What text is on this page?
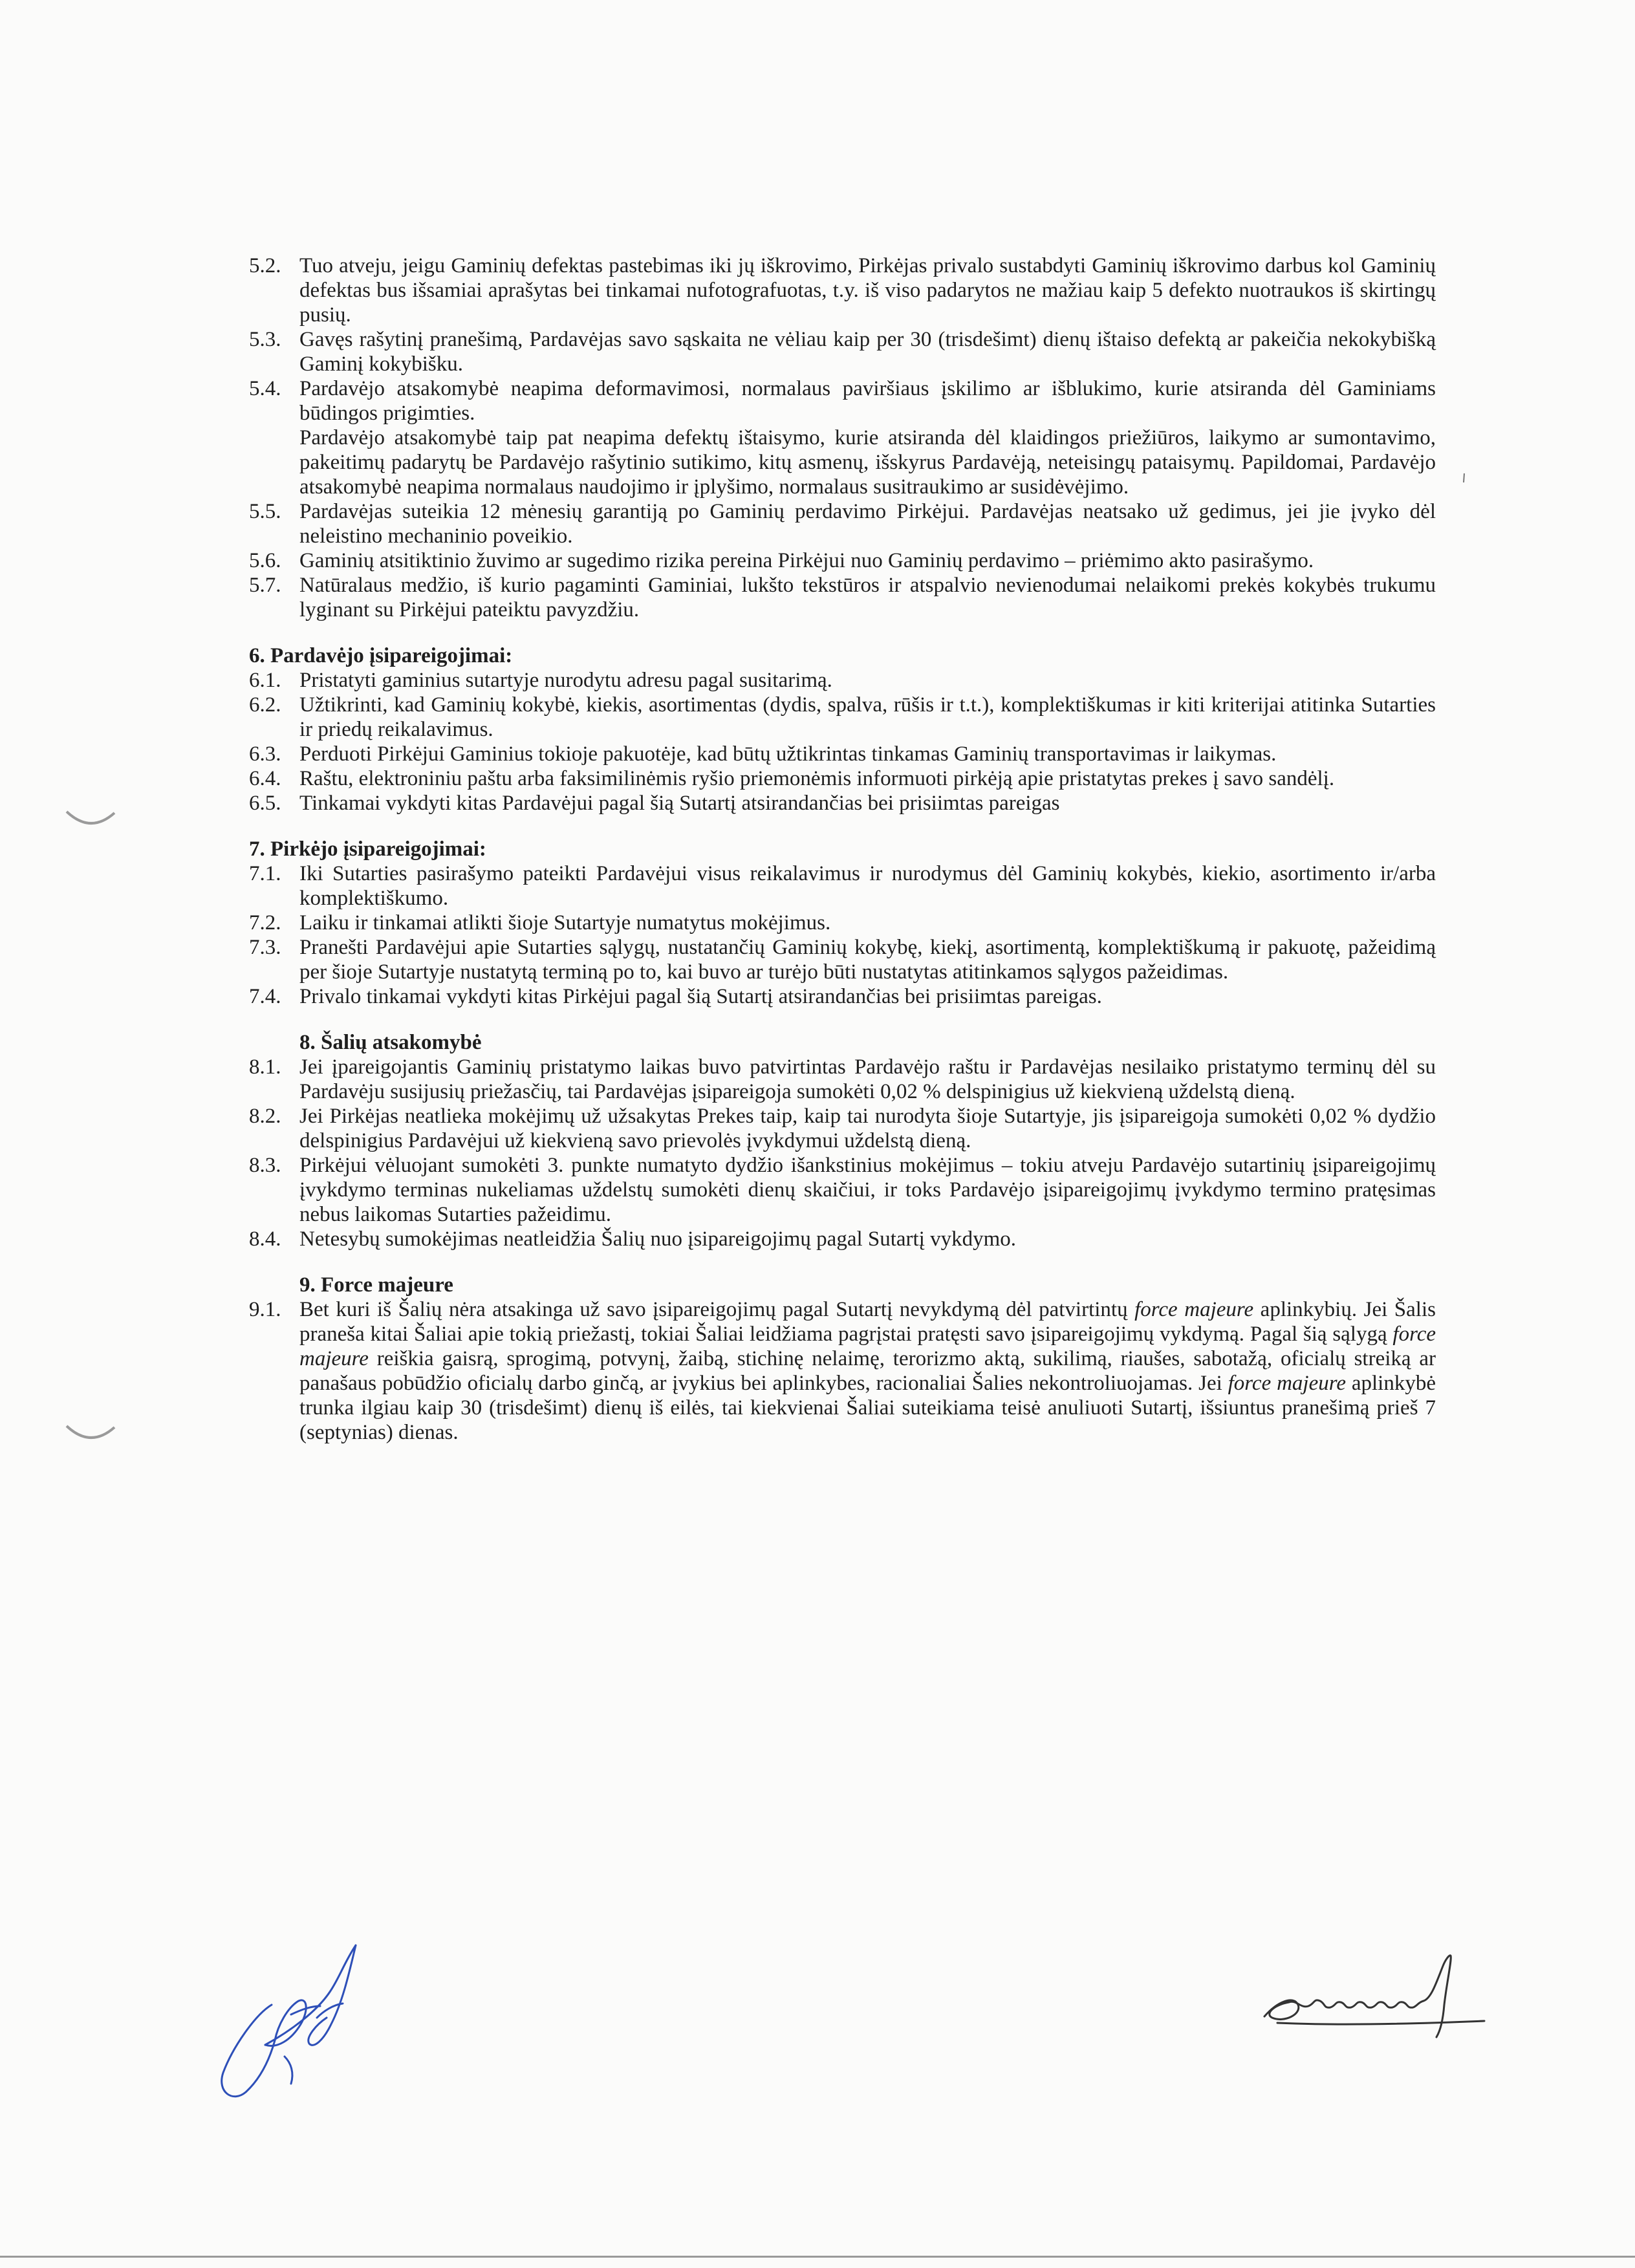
5.2. Tuo atveju, jeigu Gaminių defektas pastebimas iki jų iškrovimo, Pirkėjas privalo sustabdyti Gaminių iškrovimo darbus kol Gaminių defektas bus išsamiai aprašytas bei tinkamai nufotografuotas, t.y. iš viso padarytos ne mažiau kaip 5 defekto nuotraukos iš skirtingų pusių.
5.3. Gavęs rašytinį pranešimą, Pardavėjas savo sąskaita ne vėliau kaip per 30 (trisdešimt) dienų ištaiso defektą ar pakeičia nekokybišką Gaminį kokybišku.
5.4. Pardavėjo atsakomybė neapima deformavimosi, normalaus paviršiaus įskilimo ar išblukimo, kurie atsiranda dėl Gaminiams būdingos prigimties.
Pardavėjo atsakomybė taip pat neapima defektų ištaisymo, kurie atsiranda dėl klaidingos priežiūros, laikymo ar sumontavimo, pakeitimų padarytų be Pardavėjo rašytinio sutikimo, kitų asmenų, išskyrus Pardavėją, neteisingų pataisymų. Papildomai, Pardavėjo atsakomybė neapima normalaus naudojimo ir įplyšimo, normalaus susitraukimo ar susidėvėjimo.
5.5. Pardavėjas suteikia 12 mėnesių garantiją po Gaminių perdavimo Pirkėjui. Pardavėjas neatsako už gedimus, jei jie įvyko dėl neleistino mechaninio poveikio.
5.6. Gaminių atsitiktinio žuvimo ar sugedimo rizika pereina Pirkėjui nuo Gaminių perdavimo – priėmimo akto pasirašymo.
5.7. Natūralaus medžio, iš kurio pagaminti Gaminiai, lukšto tekstūros ir atspalvio nevienodumai nelaikomi prekės kokybės trukumu lyginant su Pirkėjui pateiktu pavyzdžiu.

6. Pardavėjo įsipareigojimai:

6.1. Pristatyti gaminius sutartyje nurodytu adresu pagal susitarimą.
6.2. Užtikrinti, kad Gaminių kokybė, kiekis, asortimentas (dydis, spalva, rūšis ir t.t.), komplektiškumas ir kiti kriterijai atitinka Sutarties ir priedų reikalavimus.
6.3. Perduoti Pirkėjui Gaminius tokioje pakuotėje, kad būtų užtikrintas tinkamas Gaminių transportavimas ir laikymas.
6.4. Raštu, elektroniniu paštu arba faksimilinėmis ryšio priemonėmis informuoti pirkėją apie pristatytas prekes į savo sandėlį.
6.5. Tinkamai vykdyti kitas Pardavėjui pagal šią Sutartį atsirandančias bei prisiimtas pareigas

7. Pirkėjo įsipareigojimai:

7.1. Iki Sutarties pasirašymo pateikti Pardavėjui visus reikalavimus ir nurodymus dėl Gaminių kokybės, kiekio, asortimento ir/arba komplektiškumo.
7.2. Laiku ir tinkamai atlikti šioje Sutartyje numatytus mokėjimus.
7.3. Pranešti Pardavėjui apie Sutarties sąlygų, nustatančių Gaminių kokybę, kiekį, asortimentą, komplektiškumą ir pakuotę, pažeidimą per šioje Sutartyje nustatytą terminą po to, kai buvo ar turėjo būti nustatytas atitinkamos sąlygos pažeidimas.
7.4. Privalo tinkamai vykdyti kitas Pirkėjui pagal šią Sutartį atsirandančias bei prisiimtas pareigas.

8. Šalių atsakomybė

8.1. Jei įpareigojantis Gaminių pristatymo laikas buvo patvirtintas Pardavėjo raštu ir Pardavėjas nesilaiko pristatymo terminų dėl su Pardavėju susijusių priežasčių, tai Pardavėjas įsipareigoja sumokėti 0,02 % delspinigius už kiekvieną uždelstą dieną.
8.2. Jei Pirkėjas neatlieka mokėjimų už užsakytas Prekes taip, kaip tai nurodyta šioje Sutartyje, jis įsipareigoja sumokėti 0,02 % dydžio delspinigius Pardavėjui už kiekvieną savo prievolės įvykdymui uždelstą dieną.
8.3. Pirkėjui vėluojant sumokėti 3. punkte numatyto dydžio išankstinius mokėjimus – tokiu atveju Pardavėjo sutartinių įsipareigojimų įvykdymo terminas nukeliamas uždelstų sumokėti dienų skaičiui, ir toks Pardavėjo įsipareigojimų įvykdymo termino pratęsimas nebus laikomas Sutarties pažeidimu.
8.4. Netesybų sumokėjimas neatleidžia Šalių nuo įsipareigojimų pagal Sutartį vykdymo.

9. Force majeure

9.1. Bet kuri iš Šalių nėra atsakinga už savo įsipareigojimų pagal Sutartį nevykdymą dėl patvirtintų force majeure aplinkybių. Jei Šalis praneša kitai Šaliai apie tokią priežastį, tokiai Šaliai leidžiama pagrįstai pratęsti savo įsipareigojimų vykdymą. Pagal šią sąlygą force majeure reiškia gaisrą, sprogimą, potvynį, žaibą, stichinę nelaimę, terorizmo aktą, sukilimą, riaušes, sabotažą, oficialų streiką ar panašaus pobūdžio oficialų darbo ginčą, ar įvykius bei aplinkybes, racionaliai Šalies nekontroliuojamas. Jei force majeure aplinkybė trunka ilgiau kaip 30 (trisdešimt) dienų iš eilės, tai kiekvienai Šaliai suteikiama teisė anuliuoti Sutartį, išsiuntus pranešimą prieš 7 (septynias) dienas.
